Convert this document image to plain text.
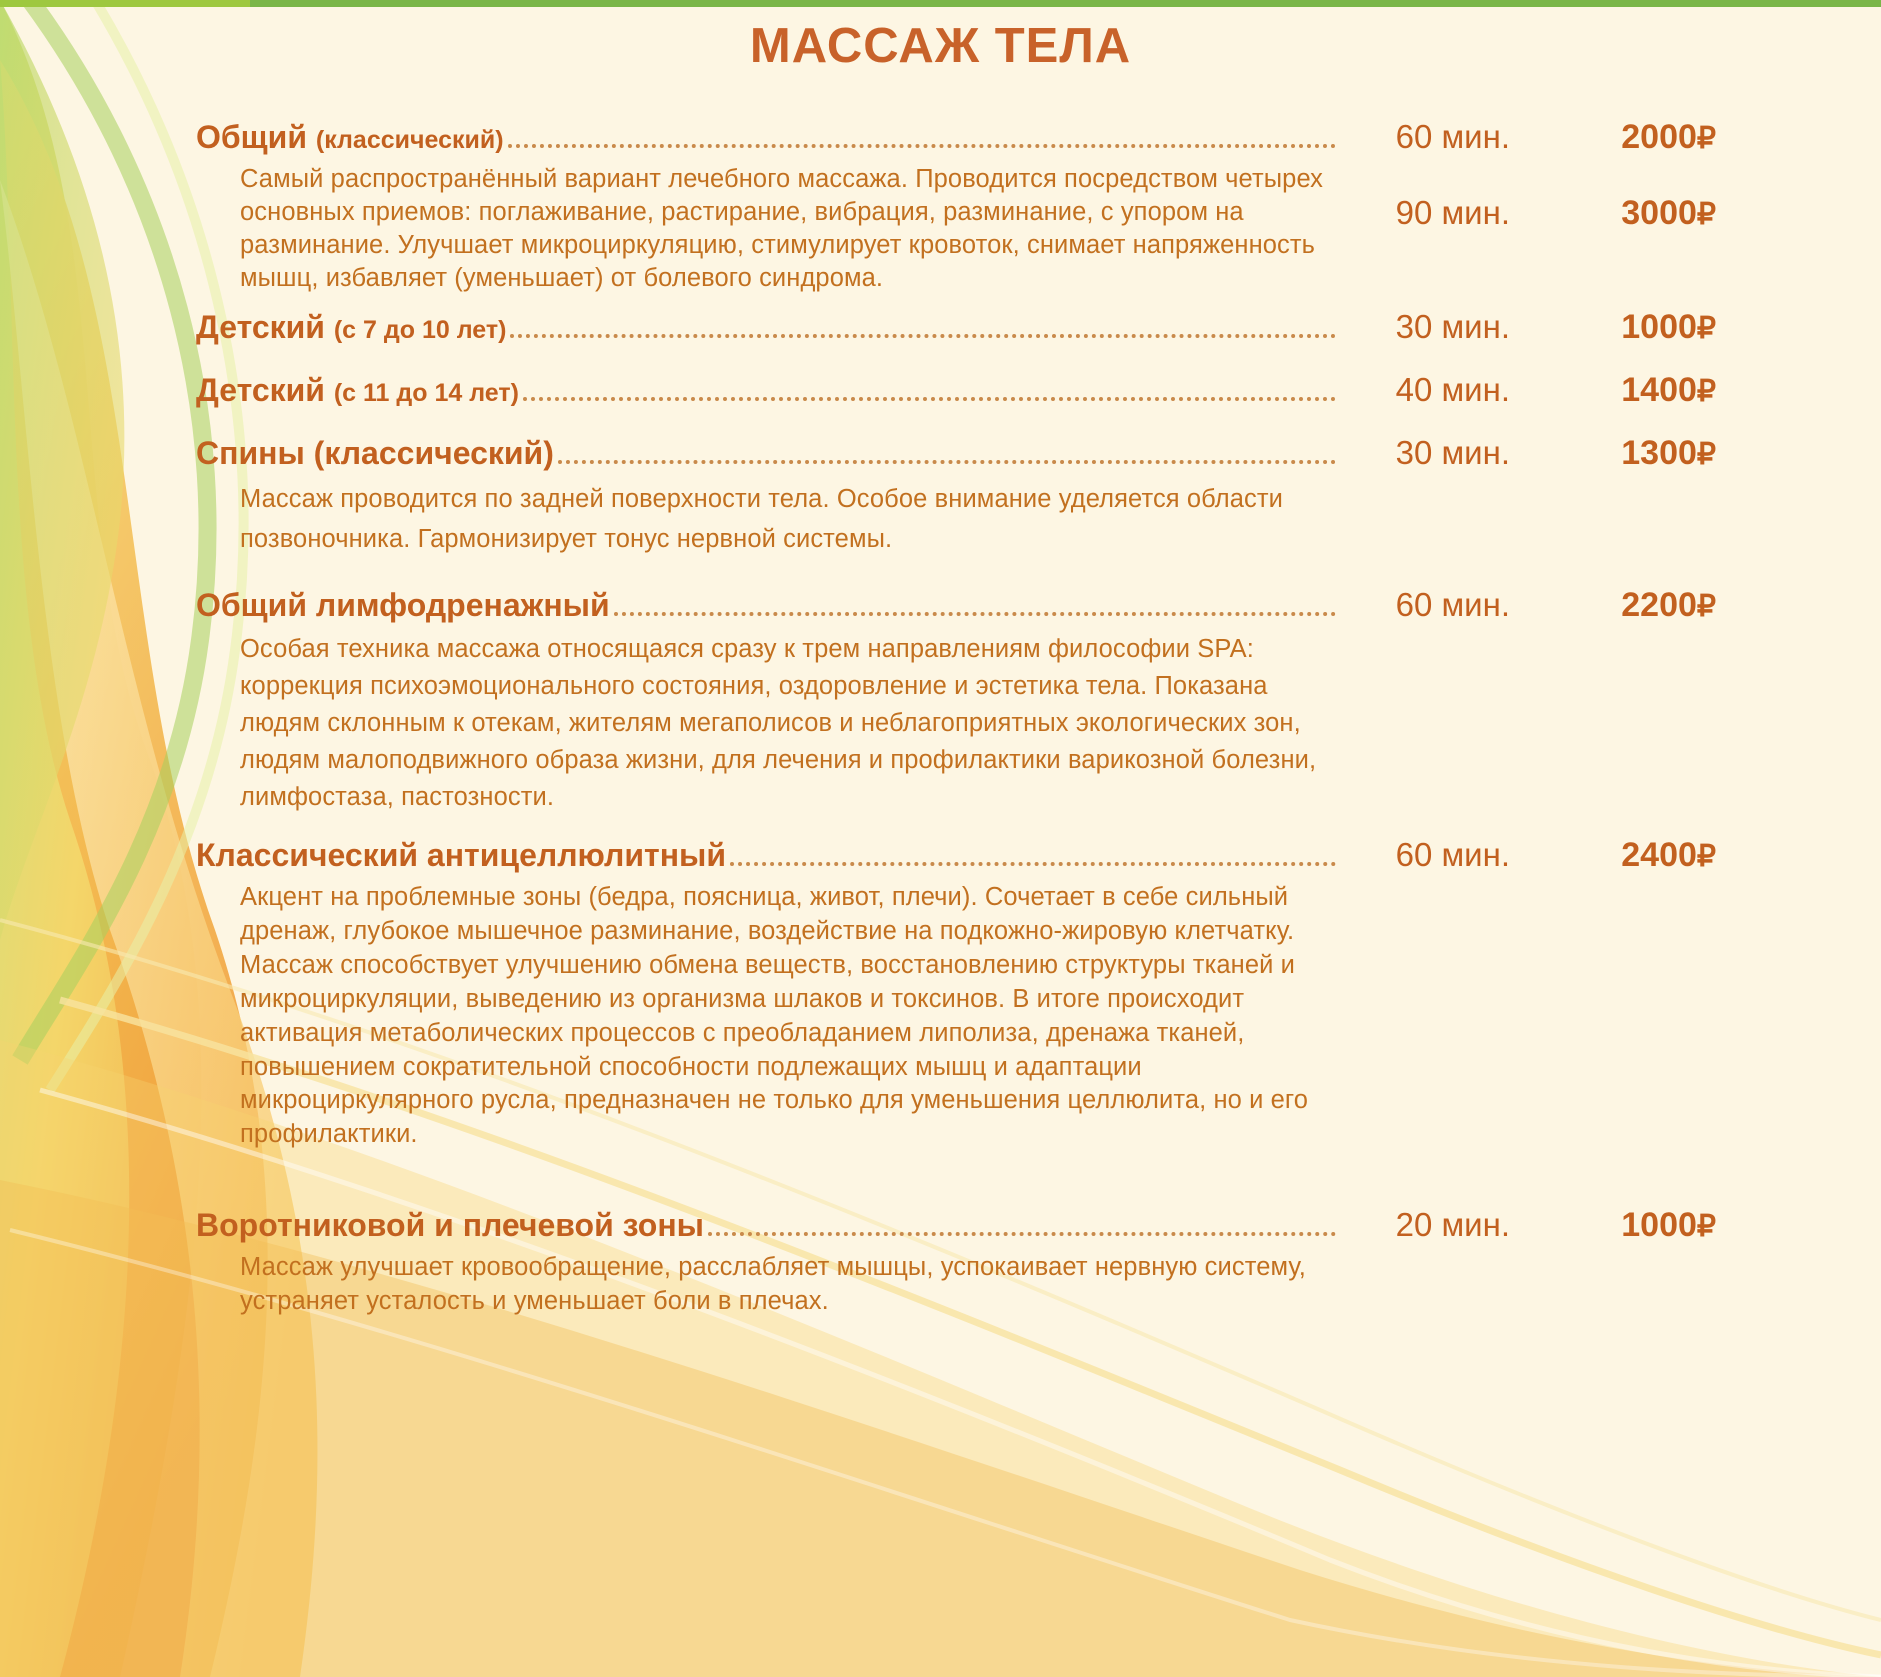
МАССАЖ ТЕЛА
Общий (классический)	60 мин.	2000₽
Самый распространённый вариант лечебного массажа. Проводится посредством четырех основных приемов: поглаживание, растирание, вибрация, разминание, с упором на разминание. Улучшает микроциркуляцию, стимулирует кровоток, снимает напряженность мышц, избавляет (уменьшает) от болевого синдрома.
90 мин.	3000₽
Детский (с 7 до 10 лет)	30 мин.	1000₽
Детский (с 11 до 14 лет)	40 мин.	1400₽
Спины (классический)	30 мин.	1300₽
Массаж проводится по задней поверхности тела. Особое внимание уделяется области позвоночника. Гармонизирует тонус нервной системы.
Общий лимфодренажный	60 мин.	2200₽
Особая техника массажа относящаяся сразу к трем направлениям философии SPA: коррекция психоэмоционального состояния, оздоровление и эстетика тела. Показана людям склонным к отекам, жителям мегаполисов и неблагоприятных экологических зон, людям малоподвижного образа жизни, для лечения и профилактики варикозной болезни, лимфостаза, пастозности.
Классический антицеллюлитный	60 мин.	2400₽
Акцент на проблемные зоны (бедра, поясница, живот, плечи). Сочетает в себе сильный дренаж, глубокое мышечное разминание, воздействие на подкожно-жировую клетчатку. Массаж способствует улучшению обмена веществ, восстановлению структуры тканей и микроциркуляции, выведению из организма шлаков и токсинов. В итоге происходит активация метаболических процессов с преобладанием липолиза, дренажа тканей, повышением сократительной способности подлежащих мышц и адаптации микроциркулярного русла, предназначен не только для уменьшения целлюлита, но и его профилактики.
Воротниковой и плечевой зоны	20 мин.	1000₽
Массаж улучшает кровообращение, расслабляет мышцы, успокаивает нервную систему, устраняет усталость и уменьшает боли в плечах.
